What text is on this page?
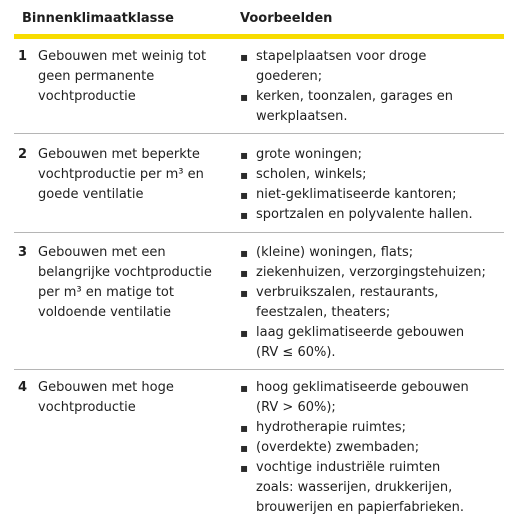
Binnenklimaatklasse	Voorbeelden
1 Gebouwen met weinig tot geen permanente vochtproductie
▪ stapelplaatsen voor droge goederen;
▪ kerken, toonzalen, garages en werkplaatsen.
2 Gebouwen met beperkte vochtproductie per m³ en goede ventilatie
▪ grote woningen;
▪ scholen, winkels;
▪ niet-geklimatiseerde kantoren;
▪ sportzalen en polyvalente hallen.
3 Gebouwen met een belangrijke vochtproductie per m³ en matige tot voldoende ventilatie
▪ (kleine) woningen, flats;
▪ ziekenhuizen, verzorgingstehuizen;
▪ verbruikszalen, restaurants, feestzalen, theaters;
▪ laag geklimatiseerde gebouwen (RV ≤ 60%).
4 Gebouwen met hoge vochtproductie
▪ hoog geklimatiseerde gebouwen (RV > 60%);
▪ hydrotherapie ruimtes;
▪ (overdekte) zwembaden;
▪ vochtige industriële ruimten zoals: wasserijen, drukkerijen, brouwerijen en papierfabrieken.
